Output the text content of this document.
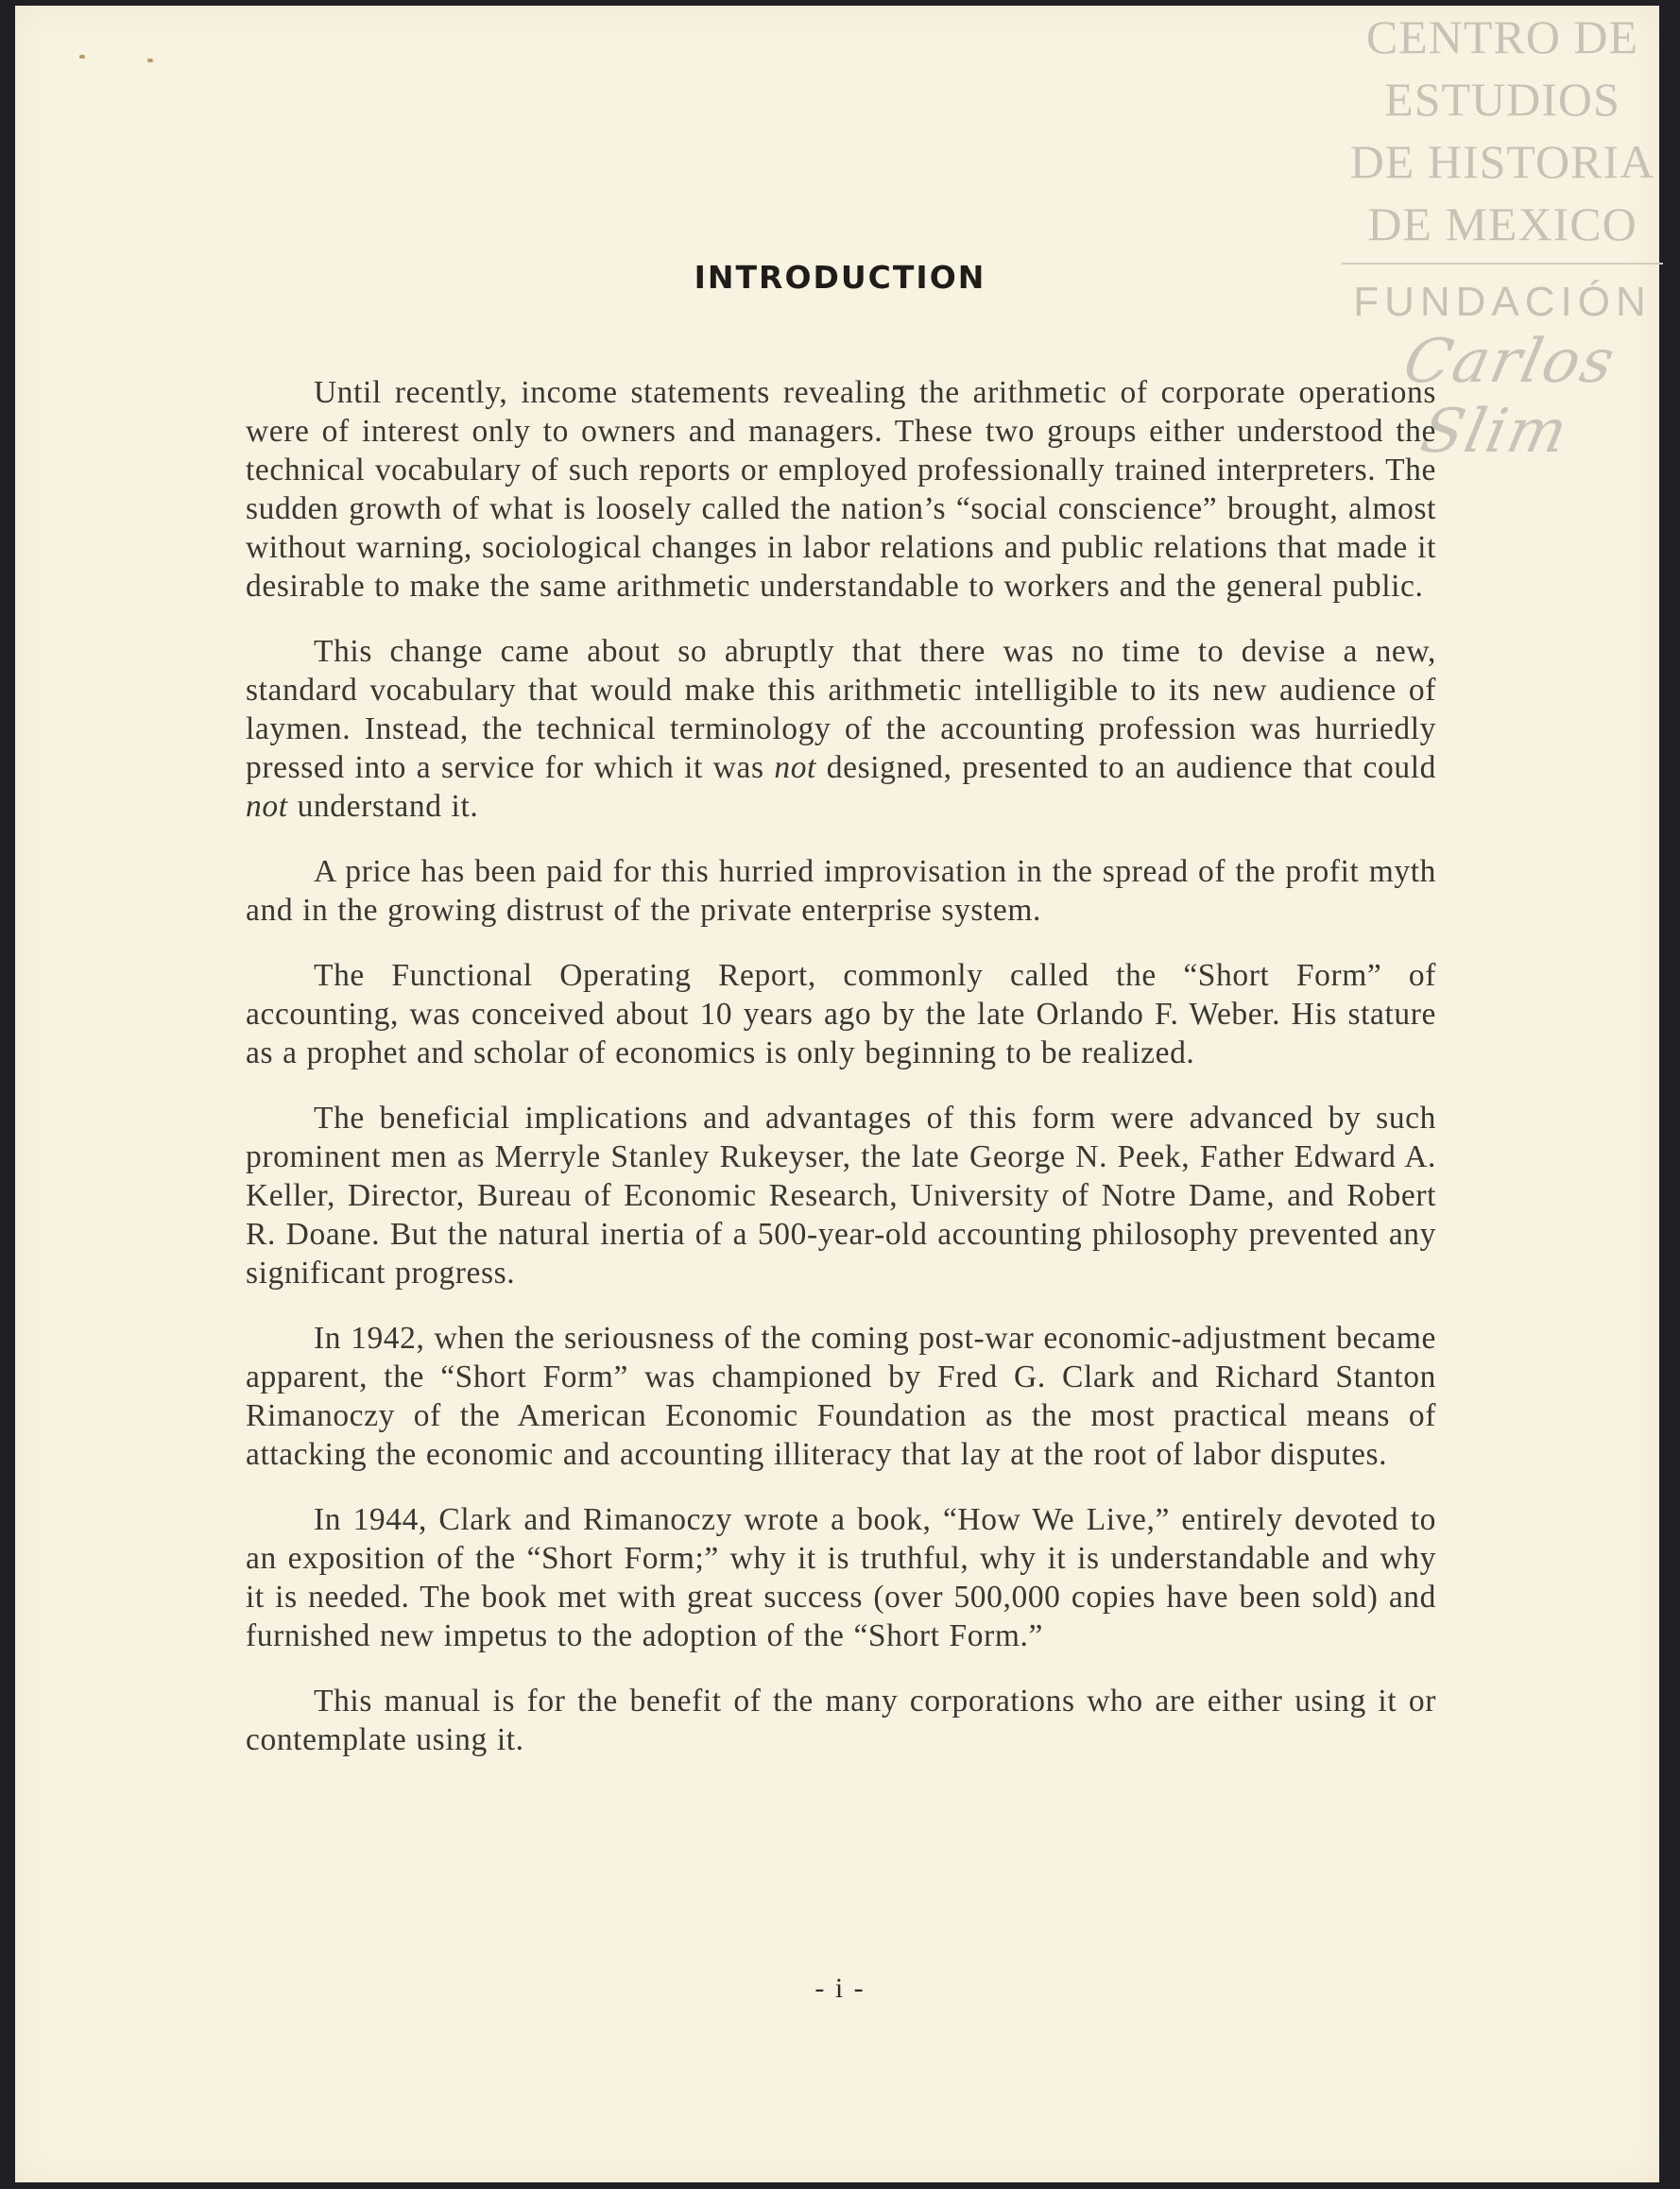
CENTRO DE
ESTUDIOS
DE HISTORIA
DE MEXICO
FUNDACIÓN
Carlos Slim
INTRODUCTION

Until recently, income statements revealing the arithmetic of corporate operations were of interest only to owners and managers. These two groups either understood the technical vocabulary of such reports or employed professionally trained interpreters. The sudden growth of what is loosely called the nation’s “social conscience” brought, almost without warning, sociological changes in labor relations and public relations that made it desirable to make the same arithmetic understandable to workers and the general public.

This change came about so abruptly that there was no time to devise a new, standard vocabulary that would make this arithmetic intelligible to its new audience of laymen. Instead, the technical terminology of the accounting profession was hurriedly pressed into a service for which it was not designed, presented to an audience that could not understand it.

A price has been paid for this hurried improvisation in the spread of the profit myth and in the growing distrust of the private enterprise system.

The Functional Operating Report, commonly called the “Short Form” of accounting, was conceived about 10 years ago by the late Orlando F. Weber. His stature as a prophet and scholar of economics is only beginning to be realized.

The beneficial implications and advantages of this form were advanced by such prominent men as Merryle Stanley Rukeyser, the late George N. Peek, Father Edward A. Keller, Director, Bureau of Economic Research, University of Notre Dame, and Robert R. Doane. But the natural inertia of a 500-year-old accounting philosophy prevented any significant progress.

In 1942, when the seriousness of the coming post-war economic-adjustment became apparent, the “Short Form” was championed by Fred G. Clark and Richard Stanton Rimanoczy of the American Economic Foundation as the most practical means of attacking the economic and accounting illiteracy that lay at the root of labor disputes.

In 1944, Clark and Rimanoczy wrote a book, “How We Live,” entirely devoted to an exposition of the “Short Form;” why it is truthful, why it is understandable and why it is needed. The book met with great success (over 500,000 copies have been sold) and furnished new impetus to the adoption of the “Short Form.”

This manual is for the benefit of the many corporations who are either using it or contemplate using it.

- i -
